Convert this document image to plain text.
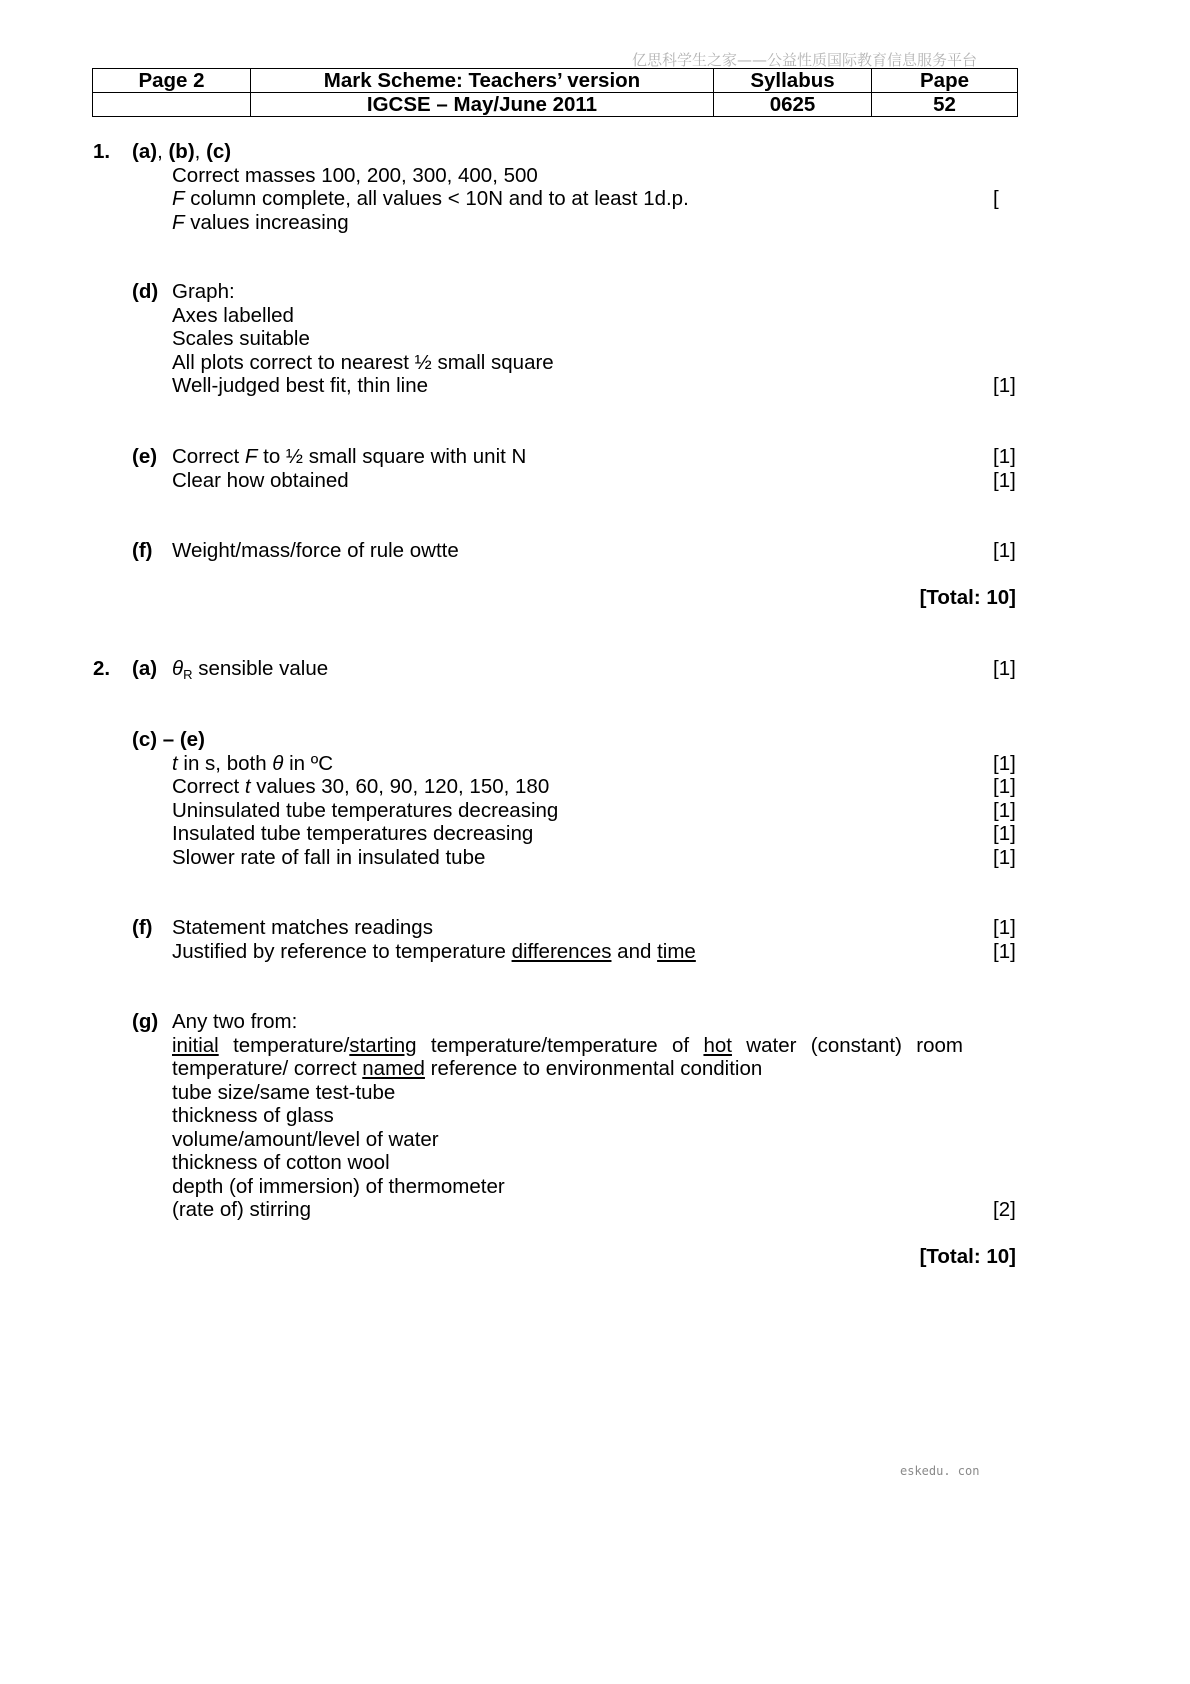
亿思科学生之家——公益性质国际教育信息服务平台
Page 2	Mark Scheme: Teachers’ version	Syllabus	Pape
	IGCSE – May/June 2011	0625	52
1. (a), (b), (c)
Correct masses 100, 200, 300, 400, 500
F column complete, all values < 10N and to at least 1d.p.	[
F values increasing
(d) Graph:
Axes labelled
Scales suitable
All plots correct to nearest ½ small square
Well-judged best fit, thin line	[1]
(e) Correct F to ½ small square with unit N	[1]
Clear how obtained	[1]
(f) Weight/mass/force of rule owtte	[1]
[Total: 10]
2. (a) $\theta_R$ sensible value	[1]
(c) – (e)
t in s, both θ in ºC	[1]
Correct t values 30, 60, 90, 120, 150, 180	[1]
Uninsulated tube temperatures decreasing	[1]
Insulated tube temperatures decreasing	[1]
Slower rate of fall in insulated tube	[1]
(f) Statement matches readings	[1]
Justified by reference to temperature differences and time	[1]
(g) Any two from:
initial temperature/starting temperature/temperature of hot water (constant) room temperature/ correct named reference to environmental condition
tube size/same test-tube
thickness of glass
volume/amount/level of water
thickness of cotton wool
depth (of immersion) of thermometer
(rate of) stirring	[2]
[Total: 10]
eskedu. con
